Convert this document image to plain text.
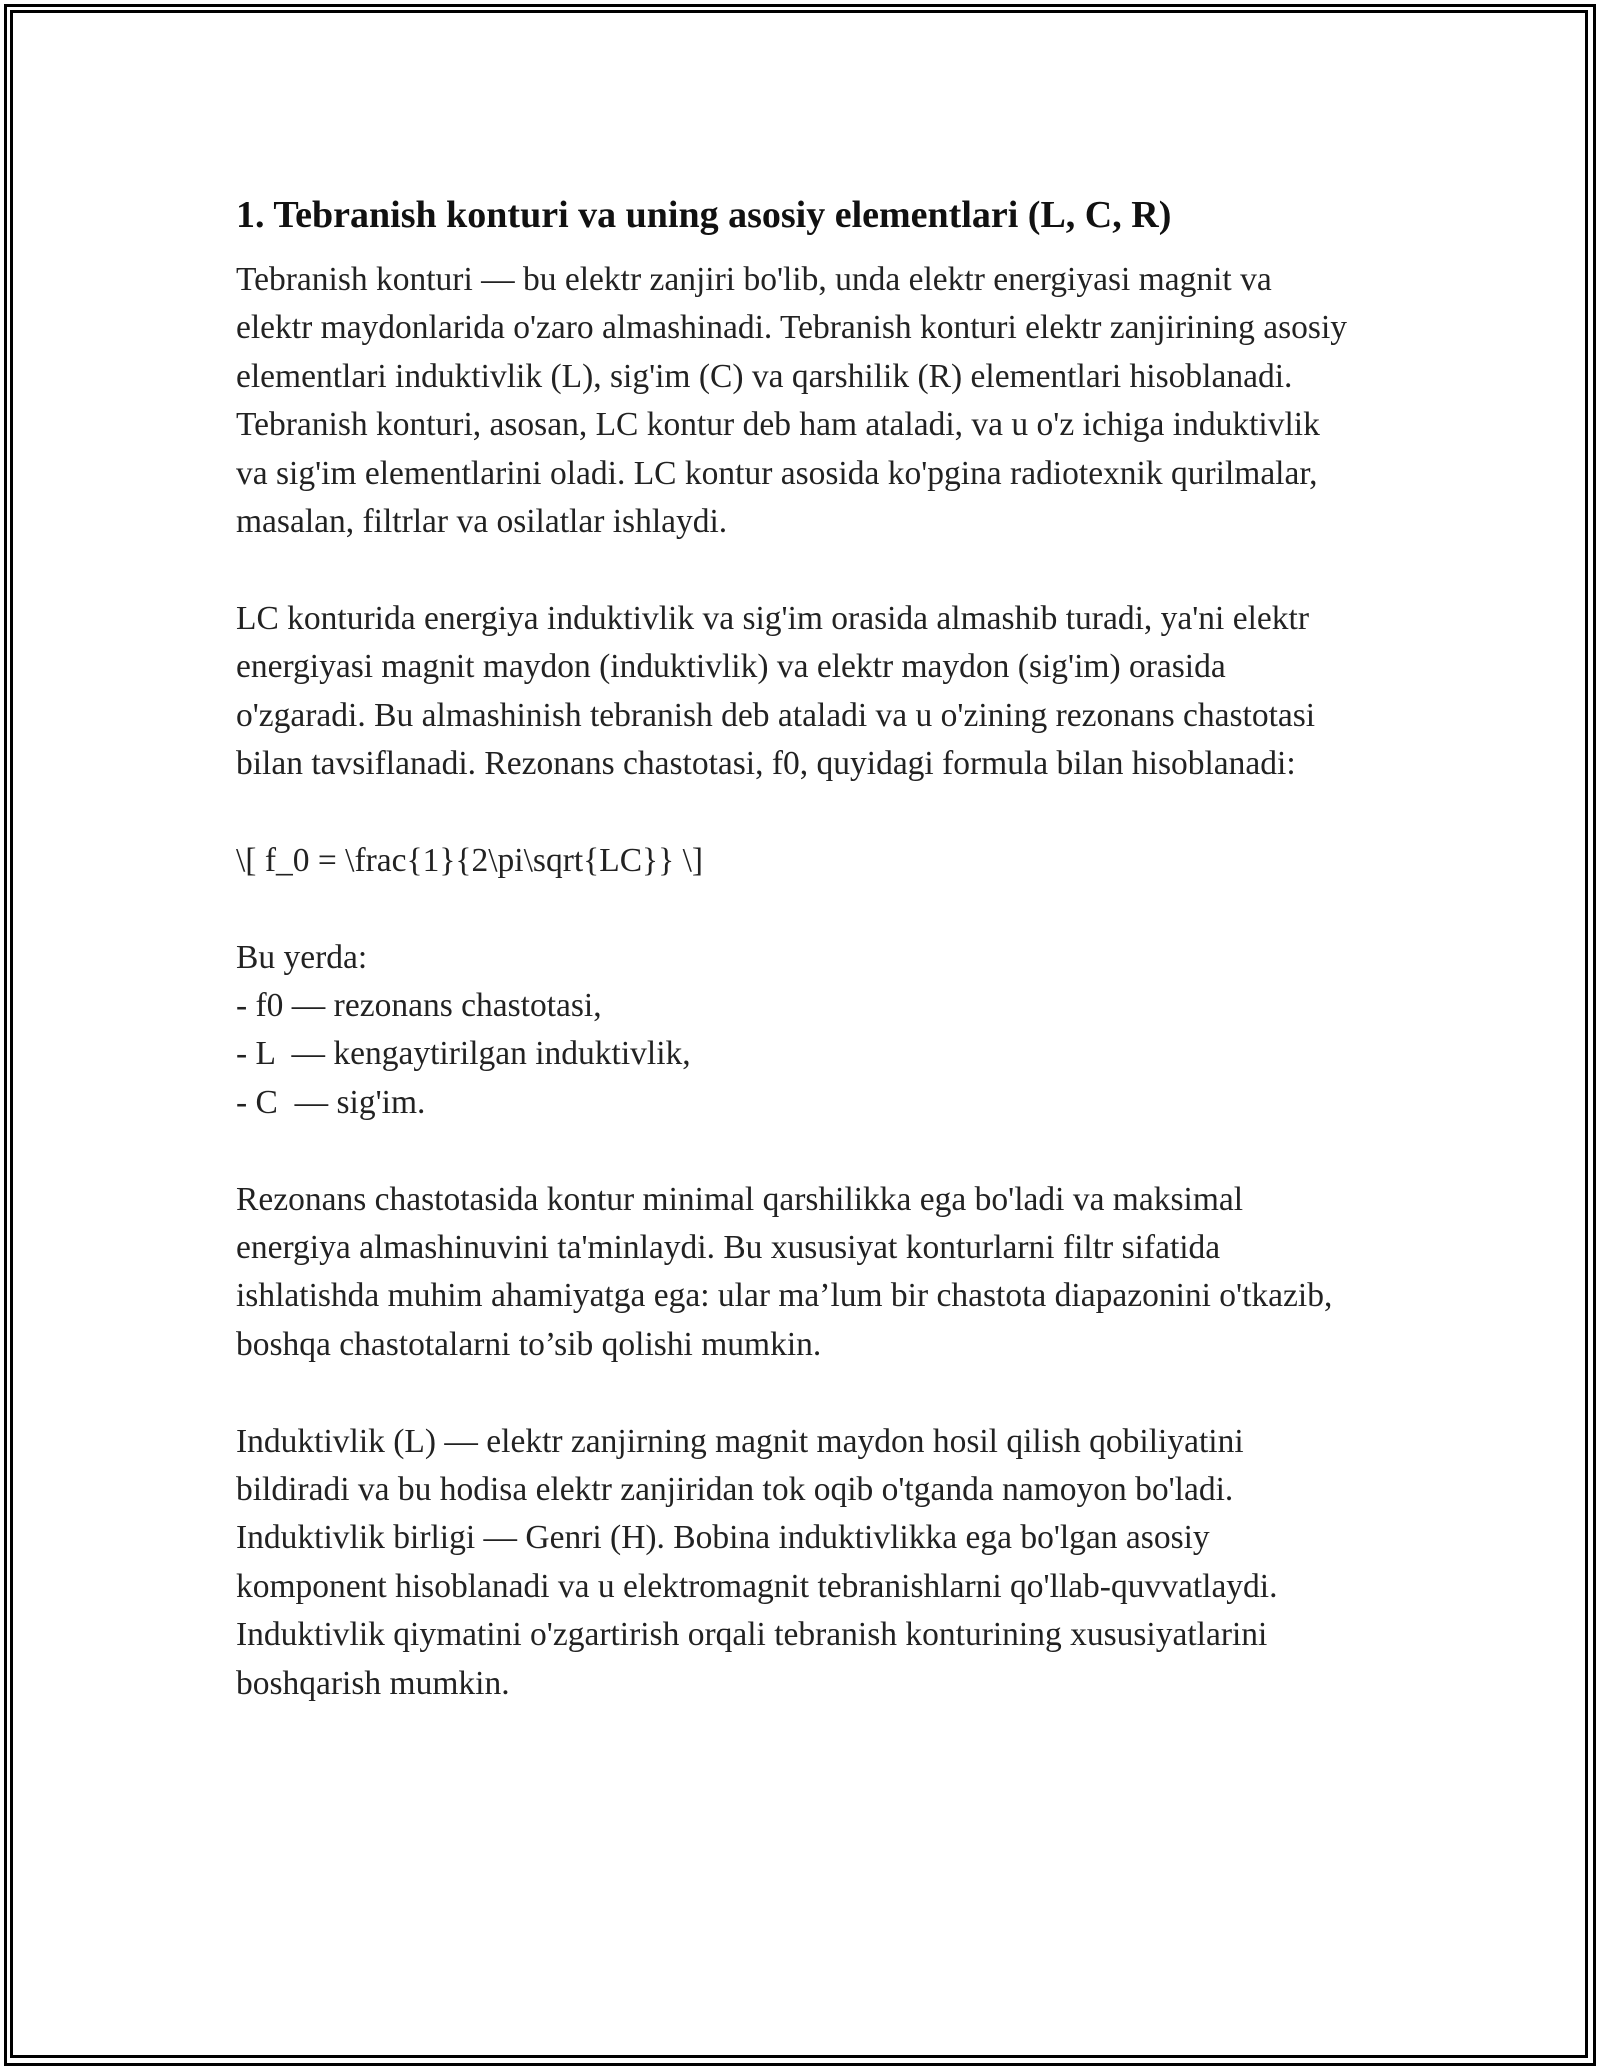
1. Tebranish konturi va uning asosiy elementlari (L, C, R)

Tebranish konturi — bu elektr zanjiri bo'lib, unda elektr energiyasi magnit va elektr maydonlarida o'zaro almashinadi. Tebranish konturi elektr zanjirining asosiy elementlari induktivlik (L), sig'im (C) va qarshilik (R) elementlari hisoblanadi. Tebranish konturi, asosan, LC kontur deb ham ataladi, va u o'z ichiga induktivlik va sig'im elementlarini oladi. LC kontur asosida ko'pgina radiotexnik qurilmalar, masalan, filtrlar va osilatlar ishlaydi.

LC konturida energiya induktivlik va sig'im orasida almashib turadi, ya'ni elektr energiyasi magnit maydon (induktivlik) va elektr maydon (sig'im) orasida o'zgaradi. Bu almashinish tebranish deb ataladi va u o'zining rezonans chastotasi bilan tavsiflanadi. Rezonans chastotasi, f0, quyidagi formula bilan hisoblanadi:

\[ f_0 = \frac{1}{2\pi\sqrt{LC}} \]

Bu yerda:
- f0 — rezonans chastotasi,
- L  — kengaytirilgan induktivlik,
- C  — sig'im.

Rezonans chastotasida kontur minimal qarshilikka ega bo'ladi va maksimal energiya almashinuvini ta'minlaydi. Bu xususiyat konturlarni filtr sifatida ishlatishda muhim ahamiyatga ega: ular ma’lum bir chastota diapazonini o'tkazib, boshqa chastotalarni to’sib qolishi mumkin.

Induktivlik (L) — elektr zanjirning magnit maydon hosil qilish qobiliyatini bildiradi va bu hodisa elektr zanjiridan tok oqib o'tganda namoyon bo'ladi. Induktivlik birligi — Genri (H). Bobina induktivlikka ega bo'lgan asosiy komponent hisoblanadi va u elektromagnit tebranishlarni qo'llab-quvvatlaydi. Induktivlik qiymatini o'zgartirish orqali tebranish konturining xususiyatlarini boshqarish mumkin.
